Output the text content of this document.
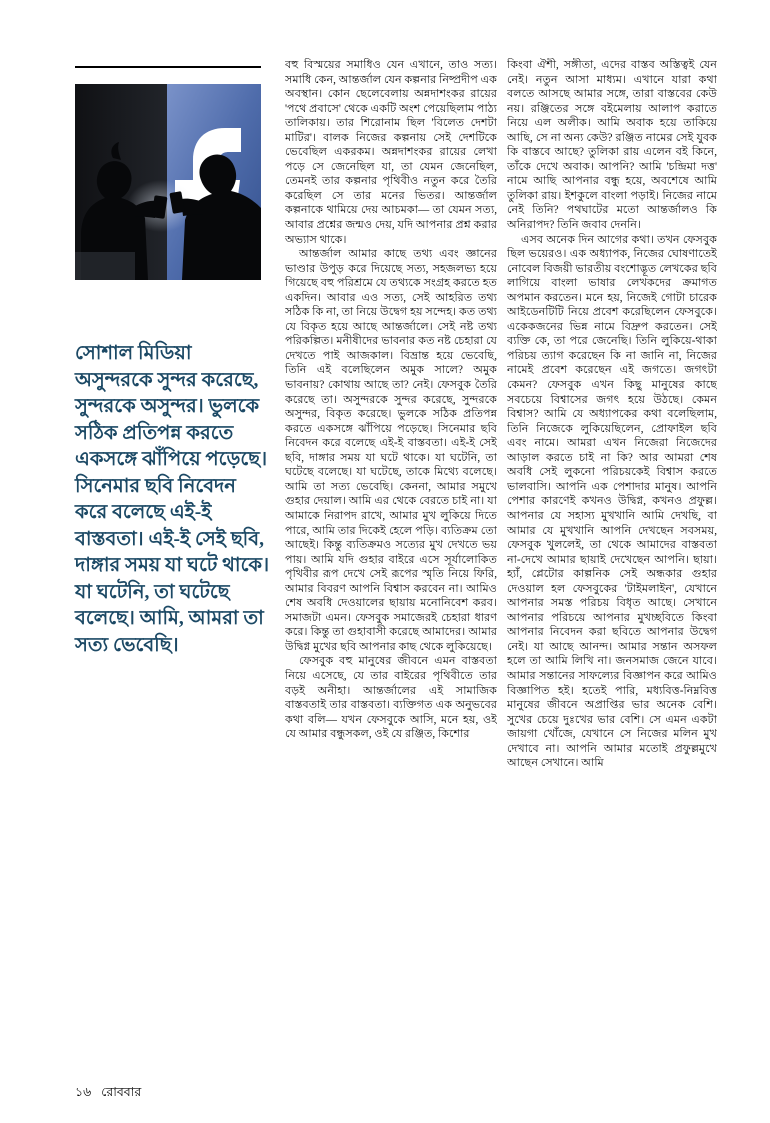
সোশাল মিডিয়া অসুন্দরকে সুন্দর করেছে, সুন্দরকে অসুন্দর। ভুলকে সঠিক প্রতিপন্ন করতে একসঙ্গে ঝাঁপিয়ে পড়েছে। সিনেমার ছবি নিবেদন করে বলেছে এই-ই বাস্তবতা। এই-ই সেই ছবি, দাঙ্গার সময় যা ঘটে থাকে। যা ঘটেনি, তা ঘটেছে বলেছে। আমি, আমরা তা সত্য ভেবেছি।

বহু বিস্ময়ের সমাধিও যেন এখানে, তাও সত্য। সমাধি কেন, আন্তর্জাল যেন কল্পনার নিষ্প্রদীপ এক অবস্থান। কোন ছেলেবেলায় অন্নদাশংকর রায়ের 'পথে প্রবাসে' থেকে একটি অংশ পেয়েছিলাম পাঠ্য তালিকায়। তার শিরোনাম ছিল 'বিলেত দেশটা মাটির'। বালক নিজের কল্পনায় সেই দেশটিকে ভেবেছিল একরকম। অন্নদাশংকর রায়ের লেখা পড়ে সে জেনেছিল যা, তা যেমন জেনেছিল, তেমনই তার কল্পনার পৃথিবীও নতুন করে তৈরি করেছিল সে তার মনের ভিতর। আন্তর্জাল কল্পনাকে থামিয়ে দেয় আচমকা— তা যেমন সত্য, আবার প্রশ্নের জন্মও দেয়, যদি আপনার প্রশ্ন করার অভ্যাস থাকে।

আন্তর্জাল আমার কাছে তথ্য এবং জ্ঞানের ভাণ্ডার উপুড় করে দিয়েছে সত্য, সহজলভ্য হয়ে গিয়েছে বহু পরিশ্রমে যে তথ্যকে সংগ্রহ করতে হত একদিন। আবার এও সত্য, সেই আহরিত তথ্য সঠিক কি না, তা নিয়ে উদ্বেগ হয় সন্দেহ। কত তথ্য যে বিকৃত হয়ে আছে আন্তর্জালে। সেই নষ্ট তথ্য পরিকল্পিত। মনীষীদের ভাবনার কত নষ্ট চেহারা যে দেখতে পাই আজকাল। বিভ্রান্ত হয়ে ভেবেছি, তিনি এই বলেছিলেন অমুক সালে? অমুক ভাবনায়? কোথায় আছে তা? নেই। ফেসবুক তৈরি করেছে তা। অসুন্দরকে সুন্দর করেছে, সুন্দরকে অসুন্দর, বিকৃত করেছে। ভুলকে সঠিক প্রতিপন্ন করতে একসঙ্গে ঝাঁপিয়ে পড়েছে। সিনেমার ছবি নিবেদন করে বলেছে এই-ই বাস্তবতা। এই-ই সেই ছবি, দাঙ্গার সময় যা ঘটে থাকে। যা ঘটেনি, তা ঘটেছে বলেছে। যা ঘটেছে, তাকে মিথ্যে বলেছে। আমি তা সত্য ভেবেছি। কেননা, আমার সমুখে গুহার দেয়াল। আমি এর থেকে বেরতে চাই না। যা আমাকে নিরাপদ রাখে, আমার মুখ লুকিয়ে দিতে পারে, আমি তার দিকেই হেলে পড়ি। ব্যতিক্রম তো আছেই। কিন্তু ব্যতিক্রমও সত্যের মুখ দেখতে ভয় পায়। আমি যদি গুহার বাইরে এসে সূর্যালোকিত পৃথিবীর রূপ দেখে সেই রূপের স্মৃতি নিয়ে ফিরি, আমার বিবরণ আপনি বিশ্বাস করবেন না। আমিও শেষ অবধি দেওয়ালের ছায়ায় মনোনিবেশ করব। সমাজটা এমন। ফেসবুক সমাজেরই চেহারা ধারণ করে। কিন্তু তা গুহাবাসী করেছে আমাদের। আমার উদ্বিগ্ন মুখের ছবি আপনার কাছ থেকে লুকিয়েছে।

ফেসবুক বহু মানুষের জীবনে এমন বাস্তবতা নিয়ে এসেছে, যে তার বাইরের পৃথিবীতে তার বড়ই অনীহা। আন্তর্জালের এই সামাজিক বাস্তবতাই তার বাস্তবতা। ব্যক্তিগত এক অনুভবের কথা বলি— যখন ফেসবুকে আসি, মনে হয়, ওই যে আমার বন্ধুসকল, ওই যে রঞ্জিত, কিশোর

কিংবা ঐশী, সঙ্গীতা, এদের বাস্তব অস্তিত্বই যেন নেই। নতুন আসা মাধ্যম। এখানে যারা কথা বলতে আসছে আমার সঙ্গে, তারা বাস্তবের কেউ নয়। রঞ্জিতের সঙ্গে বইমেলায় আলাপ করাতে নিয়ে এল অলীক। আমি অবাক হয়ে তাকিয়ে আছি, সে না অন্য কেউ? রঞ্জিত নামের সেই যুবক কি বাস্তবে আছে? তুলিকা রায় এলেন বই কিনে, তাঁকে দেখে অবাক। আপনি? আমি 'চন্দ্রিমা দত্ত' নামে আছি আপনার বন্ধু হয়ে, অবশেষে আমি তুলিকা রায়। ইশকুলে বাংলা পড়াই। নিজের নামে নেই তিনি? পথঘাটের মতো আন্তর্জালও কি অনিরাপদ? তিনি জবাব দেননি।

এসব অনেক দিন আগের কথা। তখন ফেসবুক ছিল ভয়েরও। এক অধ্যাপক, নিজের ঘোষণাতেই নোবেল বিজয়ী ভারতীয় বংশোদ্ভূত লেখকের ছবি লাগিয়ে বাংলা ভাষার লেখকদের ক্রমাগত অপমান করতেন। মনে হয়, নিজেই গোটা চারেক আইডেনটিটি নিয়ে প্রবেশ করেছিলেন ফেসবুকে। একেকজনের ভিন্ন নামে বিদ্রুপ করতেন। সেই ব্যক্তি কে, তা পরে জেনেছি। তিনি লুকিয়ে-থাকা পরিচয় ত্যাগ করেছেন কি না জানি না, নিজের নামেই প্রবেশ করেছেন এই জগতে। জগৎটা কেমন? ফেসবুক এখন কিছু মানুষের কাছে সবচেয়ে বিশ্বাসের জগৎ হয়ে উঠছে। কেমন বিশ্বাস? আমি যে অধ্যাপকের কথা বলেছিলাম, তিনি নিজেকে লুকিয়েছিলেন, প্রোফাইল ছবি এবং নামে। আমরা এখন নিজেরা নিজেদের আড়াল করতে চাই না কি? আর আমরা শেষ অবধি সেই লুকনো পরিচয়কেই বিশ্বাস করতে ভালবাসি। আপনি এক পেশাদার মানুষ। আপনি পেশার কারণেই কখনও উদ্বিগ্ন, কখনও প্রফুল্ল। আপনার যে সহাস্য মুখখানি আমি দেখছি, বা আমার যে মুখখানি আপনি দেখছেন সবসময়, ফেসবুক খুললেই, তা থেকে আমাদের বাস্তবতা না-দেখে আমার ছায়াই দেখেছেন আপনি। ছায়া। হ্যাঁ, প্লেটোর কাল্পনিক সেই অন্ধকার গুহার দেওয়াল হল ফেসবুকের 'টাইমলাইন', যেখানে আপনার সমস্ত পরিচয় বিধৃত আছে। সেখানে আপনার পরিচয়ে আপনার মুখচ্ছবিতে কিংবা আপনার নিবেদন করা ছবিতে আপনার উদ্বেগ নেই। যা আছে আনন্দ। আমার সন্তান অসফল হলে তা আমি লিখি না। জনসমাজ জেনে যাবে। আমার সন্তানের সাফল্যের বিজ্ঞাপন করে আমিও বিজ্ঞাপিত হই। হতেই পারি, মধ্যবিত্ত-নিম্নবিত্ত মানুষের জীবনে অপ্রাপ্তির ভার অনেক বেশি। সুখের চেয়ে দুঃখের ভার বেশি। সে এমন একটা জায়গা খোঁজে, যেখানে সে নিজের মলিন মুখ দেখাবে না। আপনি আমার মতোই প্রফুল্লমুখে আছেন সেখানে। আমি

১৬ রোববার
